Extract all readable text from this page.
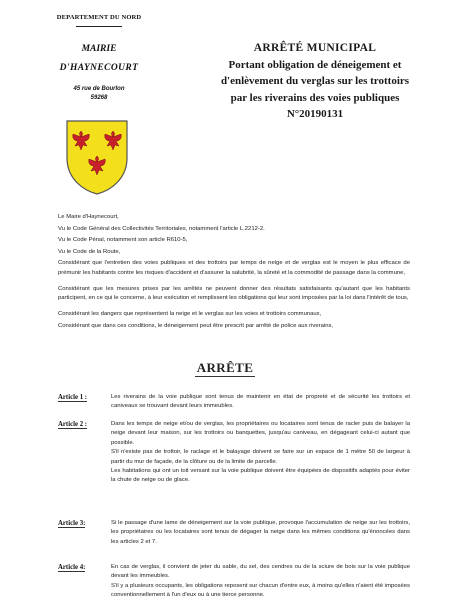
DEPARTEMENT DU NORD
MAIRIE
D'HAYNECOURT
45 rue de Bourlon
59268
ARRÊTÉ MUNICIPAL
Portant obligation de déneigement et
d'enlèvement du verglas sur les trottoirs
par les riverains des voies publiques
N°20190131

Le Maire d'Haynecourt,

Vu le Code Général des Collectivités Territoriales, notamment l'article L.2212-2.

Vu le Code Pénal, notamment son article R610-5,

Vu le Code de la Route,

Considérant que l'entretien des voies publiques et des trottoirs par temps de neige et de verglas est le moyen le plus efficace de prémunir les habitants contre les risques d'accident et d'assurer la salubrité, la sûreté et la commodité de passage dans la commune,

Considérant que les mesures prises par les arrêtés ne peuvent donner des résultats satisfaisants qu'autant que les habitants participent, en ce qui le concerne, à leur exécution et remplissent les obligations qui leur sont imposées par la loi dans l'intérêt de tous,

Considérant les dangers que représentent la neige et le verglas sur les voies et trottoirs communaux,

Considérant que dans ces conditions, le déneigement peut être prescrit par arrêté de police aux riverains,

ARRÊTE
Article 1 :	Les riverains de la voie publique sont tenus de maintenir en état de propreté et de sécurité les trottoirs et caniveaux se trouvant devant leurs immeubles.

Article 2 :	Dans les temps de neige et/ou de verglas, les propriétaires ou locataires sont tenus de racler puis de balayer la neige devant leur maison, sur les trottoirs ou banquettes, jusqu'au caniveau, en dégageant celui-ci autant que possible.

S'il n'existe pas de trottoir, le raclage et le balayage doivent se faire sur un espace de 1 mètre 50 de largeur à partir du mur de façade, de la clôture ou de la limite de parcelle.

Les habitations qui ont un toit versant sur la voie publique doivent être équipées de dispositifs adaptés pour éviter la chute de neige ou de glace.

Article 3:	Si le passage d'une lame de déneigement sur la voie publique, provoque l'accumulation de neige sur les trottoirs, les propriétaires ou les locataires sont tenus de dégager la neige dans les mêmes conditions qu'énoncées dans les articles 2 et 7.

Article 4:	En cas de verglas, il convient de jeter du sable, du sel, des cendres ou de la sciure de bois sur la voie publique devant les immeubles.

S'il y a plusieurs occupants, les obligations reposent sur chacun d'entre eux, à moins qu'elles n'aient été imposées conventionnellement à l'un d'eux ou à une tierce personne.
